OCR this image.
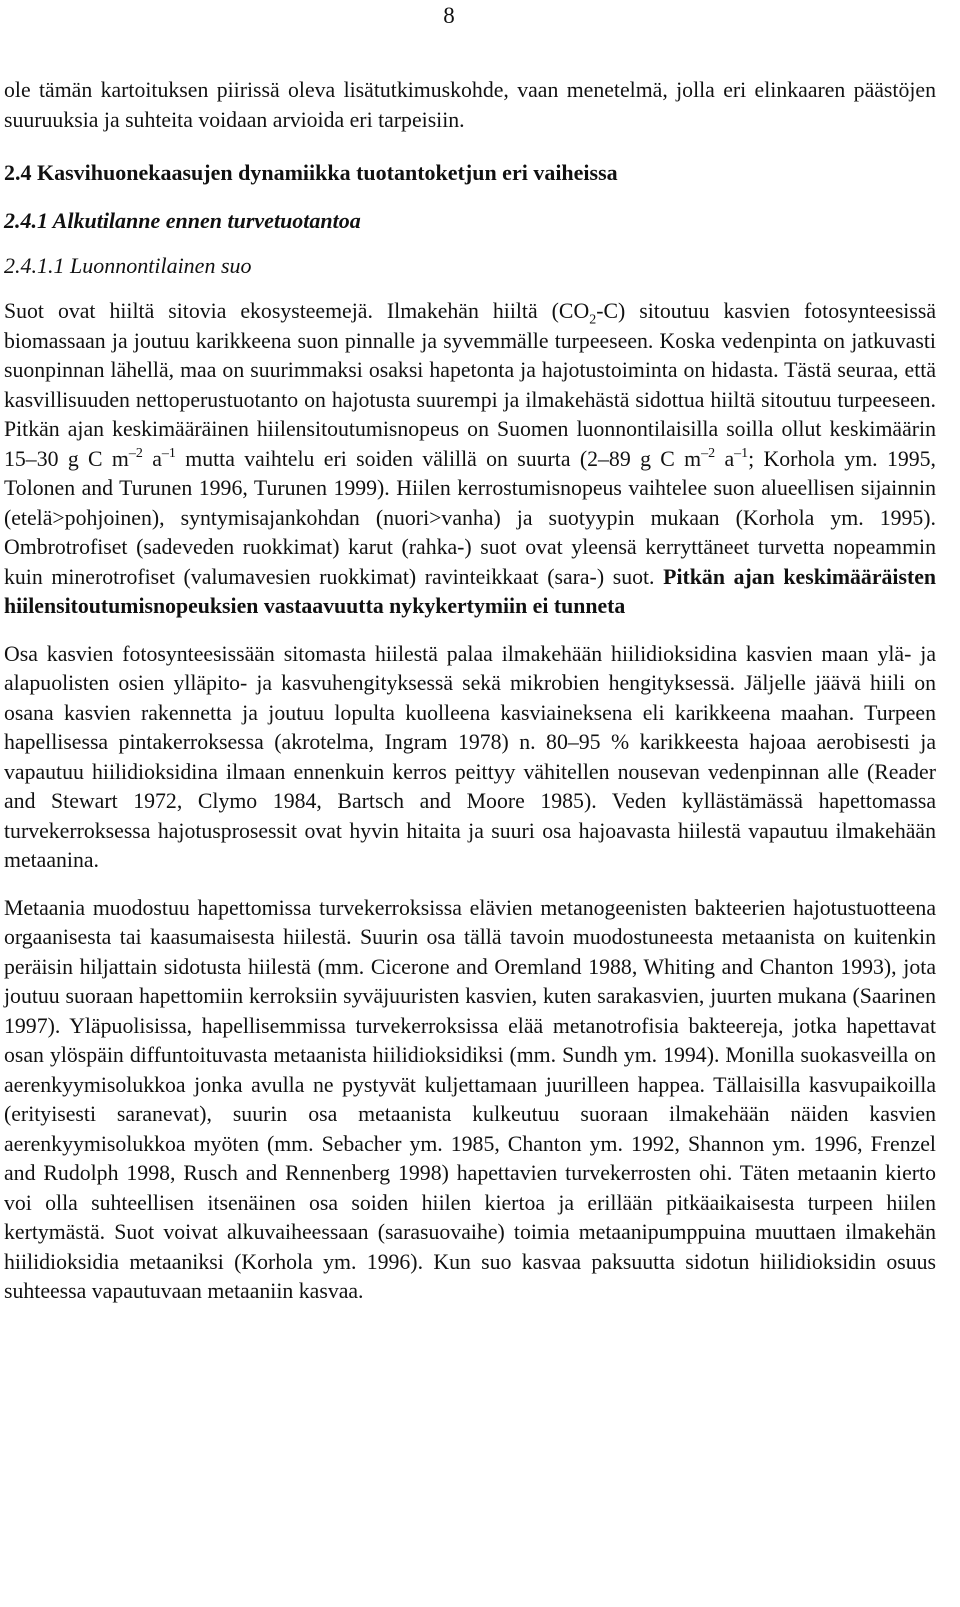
8

ole tämän kartoituksen piirissä oleva lisätutkimuskohde, vaan menetelmä, jolla eri elinkaaren päästöjen suuruuksia ja suhteita voidaan arvioida eri tarpeisiin.

2.4 Kasvihuonekaasujen dynamiikka tuotantoketjun eri vaiheissa
2.4.1 Alkutilanne ennen turvetuotantoa
2.4.1.1 Luonnontilainen suo

Suot ovat hiiltä sitovia ekosysteemejä. Ilmakehän hiiltä $(CO_2-C)$ sitoutuu kasvien fotosynteesissä biomassaan ja joutuu karikkeena suon pinnalle ja syvemmälle turpeeseen. Koska vedenpinta on jatkuvasti suonpinnan lähellä, maa on suurimmaksi osaksi hapetonta ja hajotustoiminta on hidasta. Tästä seuraa, että kasvillisuuden nettoperustuotanto on hajotusta suurempi ja ilmakehästä sidottua hiiltä sitoutuu turpeeseen. Pitkän ajan keskimääräinen hiilensitoutumisnopeus on Suomen luonnontilaisilla soilla ollut keskimäärin 15–30 g C $m^{-2}$ $a^{-1}$ mutta vaihtelu eri soiden välillä on suurta (2–89 g C $m^{-2}$ $a^{-1}$; Korhola ym. 1995, Tolonen and Turunen 1996, Turunen 1999). Hiilen kerrostumisnopeus vaihtelee suon alueellisen sijainnin (etelä>pohjoinen), syntymisajankohdan (nuori>vanha) ja suotyypin mukaan (Korhola ym. 1995). Ombrotrofiset (sadeveden ruokkimat) karut (rahka-) suot ovat yleensä kerryttäneet turvetta nopeammin kuin minerotrofiset (valumavesien ruokkimat) ravinteikkaat (sara-) suot. Pitkän ajan keskimääräisten hiilensitoutumisnopeuksien vastaavuutta nykykertymiin ei tunneta

Osa kasvien fotosynteesissään sitomasta hiilestä palaa ilmakehään hiilidioksidina kasvien maan ylä- ja alapuolisten osien ylläpito- ja kasvuhengityksessä sekä mikrobien hengityksessä. Jäljelle jäävä hiili on osana kasvien rakennetta ja joutuu lopulta kuolleena kasviaineksena eli karikkeena maahan. Turpeen hapellisessa pintakerroksessa (akrotelma, Ingram 1978) n. 80–95 % karikkeesta hajoaa aerobisesti ja vapautuu hiilidioksidina ilmaan ennenkuin kerros peittyy vähitellen nousevan vedenpinnan alle (Reader and Stewart 1972, Clymo 1984, Bartsch and Moore 1985). Veden kyllästämässä hapettomassa turvekerroksessa hajotusprosessit ovat hyvin hitaita ja suuri osa hajoavasta hiilestä vapautuu ilmakehään metaanina.

Metaania muodostuu hapettomissa turvekerroksissa elävien metanogeenisten bakteerien hajotustuotteena orgaanisesta tai kaasumaisesta hiilestä. Suurin osa tällä tavoin muodostuneesta metaanista on kuitenkin peräisin hiljattain sidotusta hiilestä (mm. Cicerone and Oremland 1988, Whiting and Chanton 1993), jota joutuu suoraan hapettomiin kerroksiin syväjuuristen kasvien, kuten sarakasvien, juurten mukana (Saarinen 1997). Yläpuolisissa, hapellisemmissa turvekerroksissa elää metanotrofisia bakteereja, jotka hapettavat osan ylöspäin diffuntoituvasta metaanista hiilidioksidiksi (mm. Sundh ym. 1994). Monilla suokasveilla on aerenkyymisolukkoa jonka avulla ne pystyvät kuljettamaan juurilleen happea. Tällaisilla kasvupaikoilla (erityisesti saranevat), suurin osa metaanista kulkeutuu suoraan ilmakehään näiden kasvien aerenkyymisolukkoa myöten (mm. Sebacher ym. 1985, Chanton ym. 1992, Shannon ym. 1996, Frenzel and Rudolph 1998, Rusch and Rennenberg 1998) hapettavien turvekerrosten ohi. Täten metaanin kierto voi olla suhteellisen itsenäinen osa soiden hiilen kiertoa ja erillään pitkäaikaisesta turpeen hiilen kertymästä. Suot voivat alkuvaiheessaan (sarasuovaihe) toimia metaanipumppuina muuttaen ilmakehän hiilidioksidia metaaniksi (Korhola ym. 1996). Kun suo kasvaa paksuutta sidotun hiilidioksidin osuus suhteessa vapautuvaan metaaniin kasvaa.
